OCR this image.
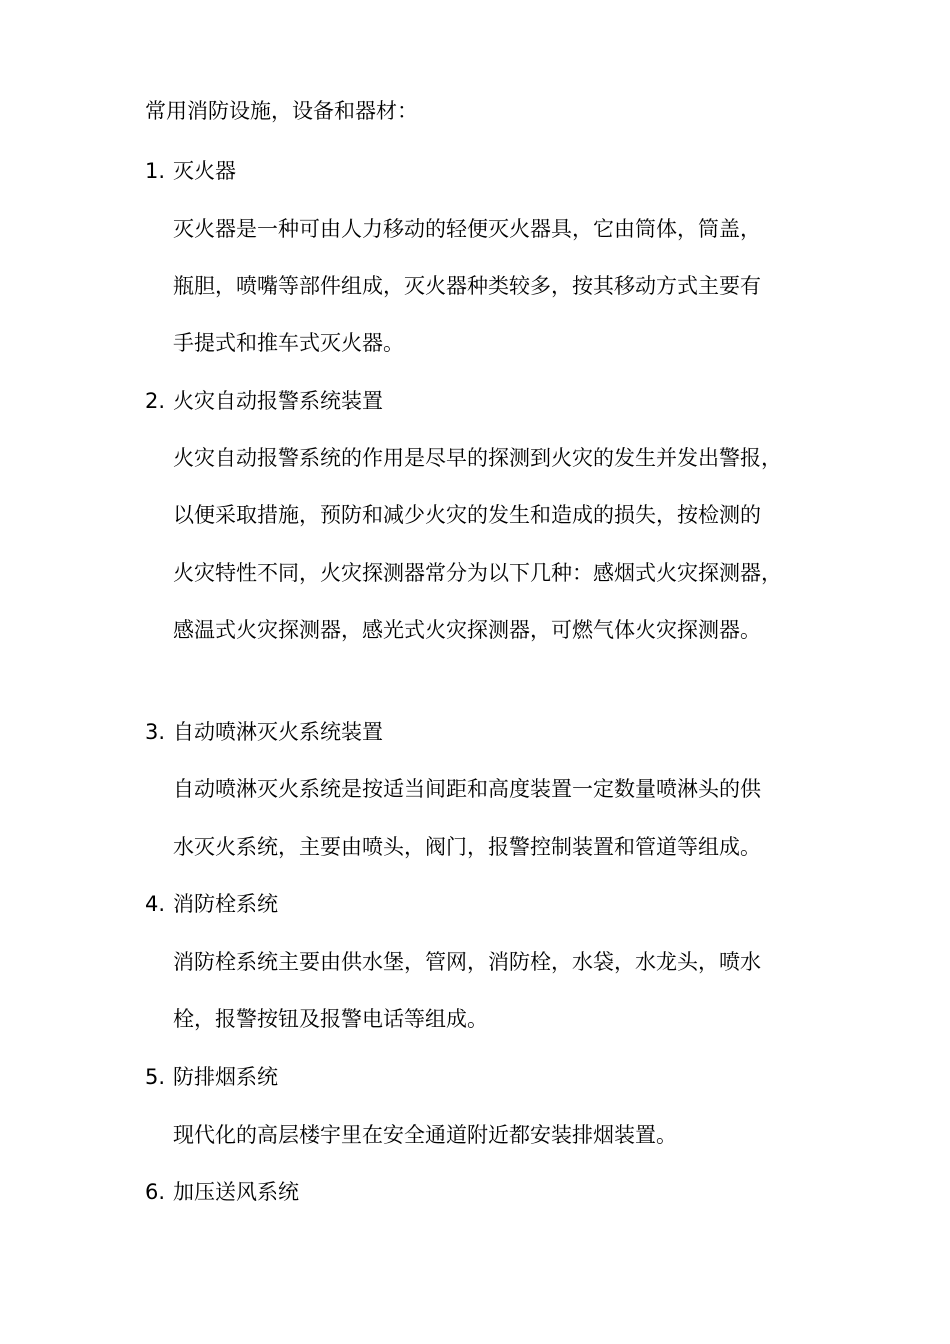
常用消防设施，设备和器材：
1. 灭火器
灭火器是一种可由人力移动的轻便灭火器具，它由筒体，筒盖，
瓶胆，喷嘴等部件组成，灭火器种类较多，按其移动方式主要有
手提式和推车式灭火器。
2. 火灾自动报警系统装置
火灾自动报警系统的作用是尽早的探测到火灾的发生并发出警报，
以便采取措施，预防和减少火灾的发生和造成的损失，按检测的
火灾特性不同，火灾探测器常分为以下几种：感烟式火灾探测器，
感温式火灾探测器，感光式火灾探测器，可燃气体火灾探测器。
3. 自动喷淋灭火系统装置
自动喷淋灭火系统是按适当间距和高度装置一定数量喷淋头的供
水灭火系统，主要由喷头，阀门，报警控制装置和管道等组成。
4. 消防栓系统
消防栓系统主要由供水堡，管网，消防栓，水袋，水龙头，喷水
栓，报警按钮及报警电话等组成。
5. 防排烟系统
现代化的高层楼宇里在安全通道附近都安装排烟装置。
6. 加压送风系统
